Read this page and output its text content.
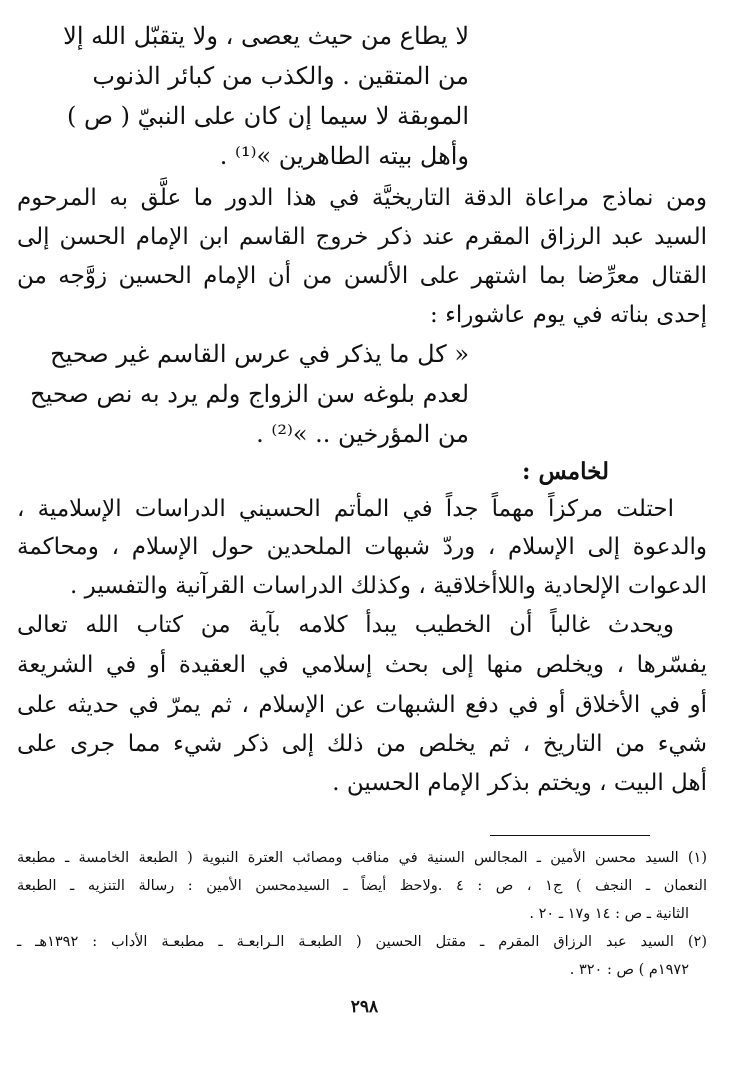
لا يطاع من حيث يعصى ، ولا يتقبّل الله إلا
من المتقين . والكذب من كبائر الذنوب
الموبقة لا سيما إن كان على النبيّ ( ص )
وأهل بيته الطاهرين »⁽¹⁾ .
ومن نماذج مراعاة الدقة التاريخيَّة في هذا الدور ما علَّق به المرحوم
السيد عبد الرزاق المقرم عند ذكر خروج القاسم ابن الإمام الحسن إلى
القتال معرِّضا بما اشتهر على الألسن من أن الإمام الحسين زوَّجه من
إحدى بناته في يوم عاشوراء :
« كل ما يذكر في عرس القاسم غير صحيح
لعدم بلوغه سن الزواج ولم يرد به نص صحيح
من المؤرخين .. »⁽²⁾ .
لخامس :
احتلت مركزاً مهماً جداً في المأتم الحسيني الدراسات الإسلامية ،
والدعوة إلى الإسلام ، وردّ شبهات الملحدين حول الإسلام ، ومحاكمة
الدعوات الإلحادية واللاأخلاقية ، وكذلك الدراسات القرآنية والتفسير .
ويحدث غالباً أن الخطيب يبدأ كلامه بآية من كتاب الله تعالى
يفسّرها ، ويخلص منها إلى بحث إسلامي في العقيدة أو في الشريعة
أو في الأخلاق أو في دفع الشبهات عن الإسلام ، ثم يمرّ في حديثه على
شيء من التاريخ ، ثم يخلص من ذلك إلى ذكر شيء مما جرى على
أهل البيت ، ويختم بذكر الإمام الحسين .
(١) السيد محسن الأمين ـ المجالس السنية في مناقب ومصائب العترة النبوية ( الطبعة الخامسة ـ مطبعة
النعمان ـ النجف ) ج١ ، ص : ٤ .ولاحظ أيضاً ـ السيدمحسن الأمين : رسالة التنزيه ـ الطبعة
الثانية ـ ص : ١٤ و١٧ ـ ٢٠ .
(٢) السيد عبد الرزاق المقرم ـ مقتل الحسين ( الطبعـة الـرابعـة ـ مطبعـة الأداب : ١٣٩٢هـ ـ
١٩٧٢م ) ص : ٣٢٠ .
٢٩٨
